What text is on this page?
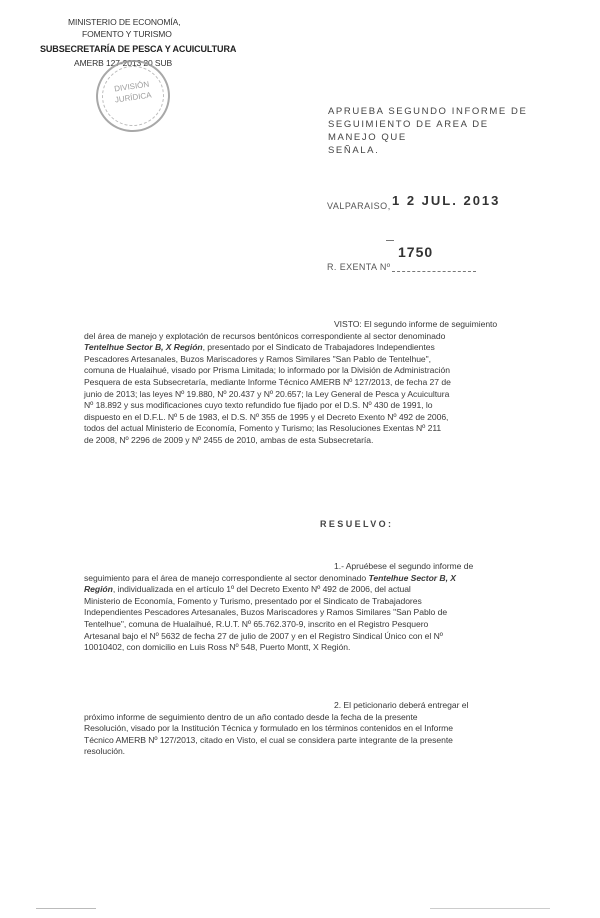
MINISTERIO DE ECONOMÍA,
FOMENTO Y TURISMO
SUBSECRETARÍA DE PESCA Y ACUICULTURA
AMERB 127-2013 20 SUB
DIVISIÓN
JURÍDICA
APRUEBA SEGUNDO INFORME DE
SEGUIMIENTO DE AREA DE MANEJO QUE
SEÑALA.
VALPARAISO, 1 2 JUL. 2013
1750
R. EXENTA Nº
VISTO: El segundo informe de seguimiento
del área de manejo y explotación de recursos bentónicos correspondiente al sector denominado
Tentelhue Sector B, X Región, presentado por el Sindicato de Trabajadores Independientes
Pescadores Artesanales, Buzos Mariscadores y Ramos Similares "San Pablo de Tentelhue",
comuna de Hualaihué, visado por Prisma Limitada; lo informado por la División de Administración
Pesquera de esta Subsecretaría, mediante Informe Técnico AMERB Nº 127/2013, de fecha 27 de
junio de 2013; las leyes Nº 19.880, Nº 20.437 y Nº 20.657; la Ley General de Pesca y Acuicultura
Nº 18.892 y sus modificaciones cuyo texto refundido fue fijado por el D.S. Nº 430 de 1991, lo
dispuesto en el D.F.L. Nº 5 de 1983, el D.S. Nº 355 de 1995 y el Decreto Exento Nº 492 de 2006,
todos del actual Ministerio de Economía, Fomento y Turismo; las Resoluciones Exentas Nº 211
de 2008, Nº 2296 de 2009 y Nº 2455 de 2010, ambas de esta Subsecretaría.
RESUELVO:
1.- Apruébese el segundo informe de
seguimiento para el área de manejo correspondiente al sector denominado Tentelhue Sector B, X
Región, individualizada en el artículo 1º del Decreto Exento Nº 492 de 2006, del actual
Ministerio de Economía, Fomento y Turismo, presentado por el Sindicato de Trabajadores
Independientes Pescadores Artesanales, Buzos Mariscadores y Ramos Similares "San Pablo de
Tentelhue", comuna de Hualaihué, R.U.T. Nº 65.762.370-9, inscrito en el Registro Pesquero
Artesanal bajo el Nº 5632 de fecha 27 de julio de 2007 y en el Registro Sindical Único con el Nº
10010402, con domicilio en Luis Ross Nº 548, Puerto Montt, X Región.
2. El peticionario deberá entregar el
próximo informe de seguimiento dentro de un año contado desde la fecha de la presente
Resolución, visado por la Institución Técnica y formulado en los términos contenidos en el Informe
Técnico AMERB Nº 127/2013, citado en Visto, el cual se considera parte integrante de la presente
resolución.
